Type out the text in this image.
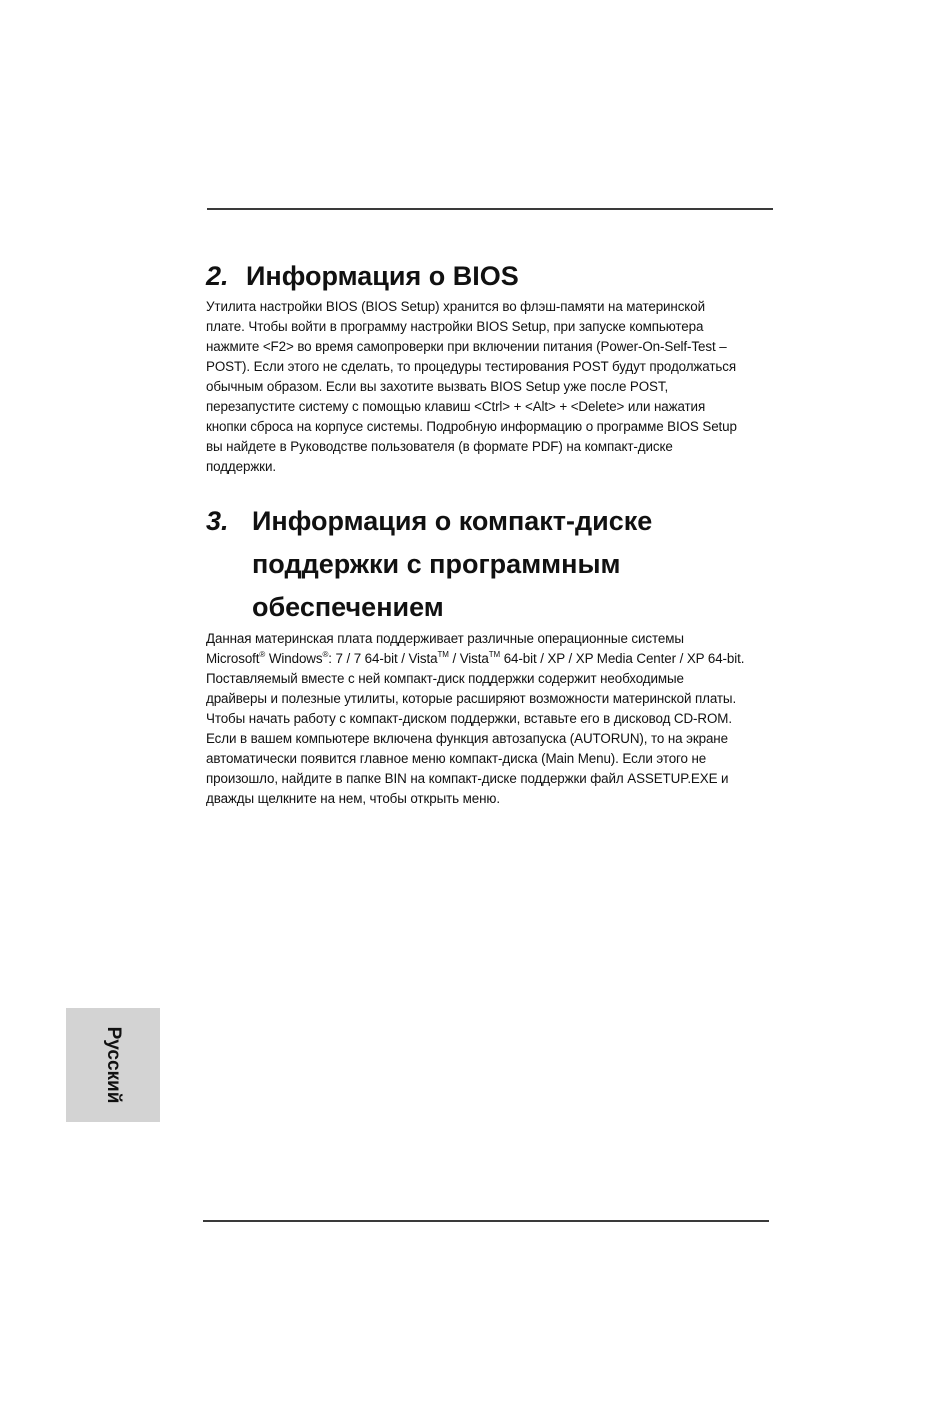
2. Информация о BIOS

Утилита настройки BIOS (BIOS Setup) хранится во флэш-памяти на материнской
плате. Чтобы войти в программу настройки BIOS Setup, при запуске компьютера
нажмите <F2> во время самопроверки при включении питания (Power-On-Self-Test –
POST). Если этого не сделать, то процедуры тестирования POST будут продолжаться
обычным образом. Если вы захотите вызвать BIOS Setup уже после POST,
перезапустите систему с помощью клавиш <Ctrl> + <Alt> + <Delete> или нажатия
кнопки сброса на корпусе системы. Подробную информацию о программе BIOS Setup
вы найдете в Руководстве пользователя (в формате PDF) на компакт-диске
поддержки.

3. Информация о компакт-диске
поддержки с программным
обеспечением

Данная материнская плата поддерживает различные операционные системы
Microsoft® Windows®: 7 / 7 64-bit / Vista™ / Vista™ 64-bit / XP / XP Media Center / XP 64-bit.
Поставляемый вместе с ней компакт-диск поддержки содержит необходимые
драйверы и полезные утилиты, которые расширяют возможности материнской платы.
Чтобы начать работу с компакт-диском поддержки, вставьте его в дисковод CD-ROM.
Если в вашем компьютере включена функция автозапуска (AUTORUN), то на экране
автоматически появится главное меню компакт-диска (Main Menu). Если этого не
произошло, найдите в папке BIN на компакт-диске поддержки файл ASSETUP.EXE и
дважды щелкните на нем, чтобы открыть меню.

Русский
